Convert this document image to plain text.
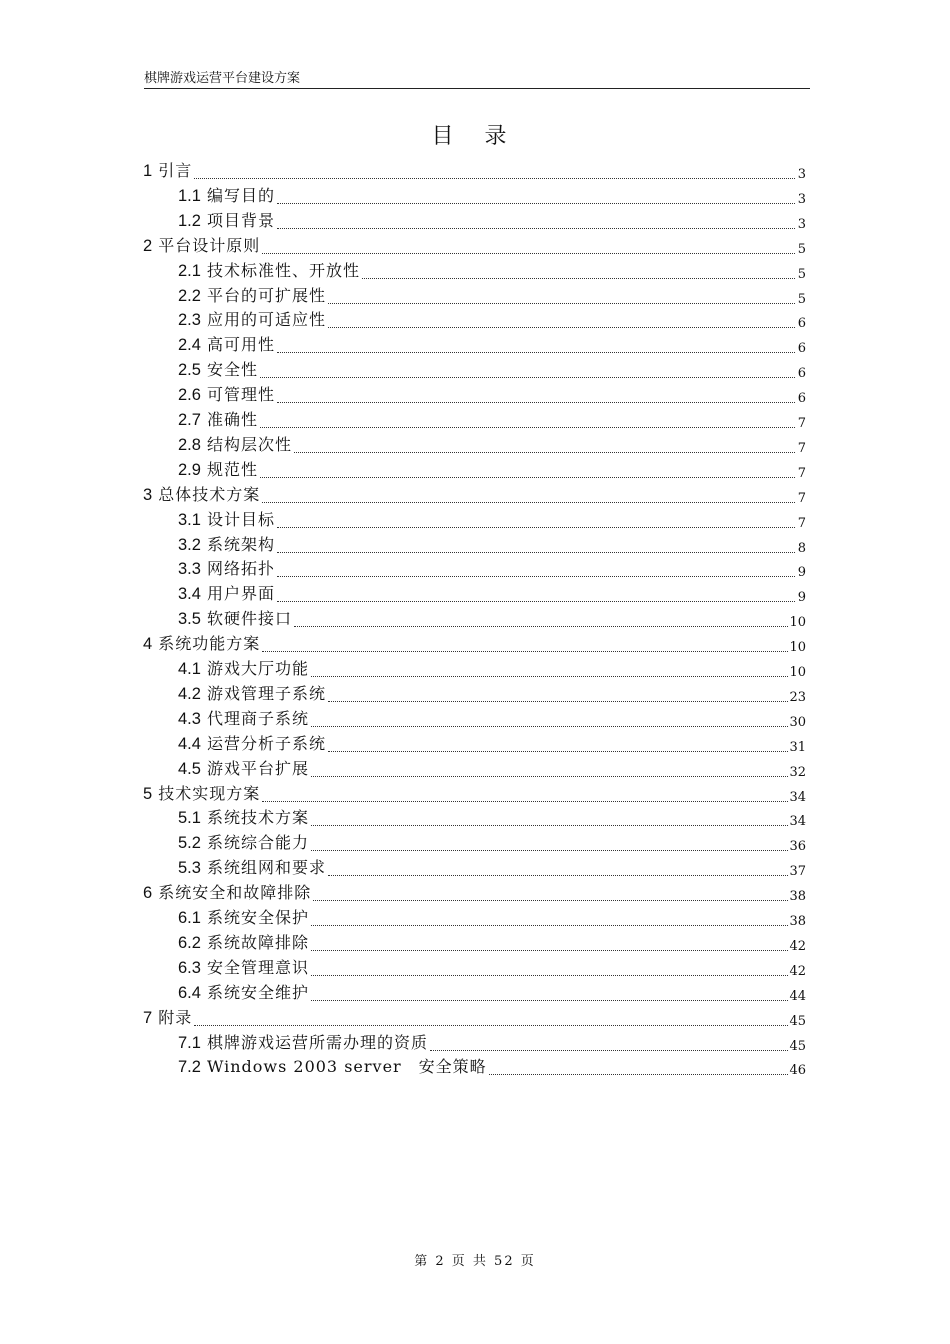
棋牌游戏运营平台建设方案
目 录
1 引言	3
1.1 编写目的	3
1.2 项目背景	3
2 平台设计原则	5
2.1 技术标准性、开放性	5
2.2 平台的可扩展性	5
2.3 应用的可适应性	6
2.4 高可用性	6
2.5 安全性	6
2.6 可管理性	6
2.7 准确性	7
2.8 结构层次性	7
2.9 规范性	7
3 总体技术方案	7
3.1 设计目标	7
3.2 系统架构	8
3.3 网络拓扑	9
3.4 用户界面	9
3.5 软硬件接口	10
4 系统功能方案	10
4.1 游戏大厅功能	10
4.2 游戏管理子系统	23
4.3 代理商子系统	30
4.4 运营分析子系统	31
4.5 游戏平台扩展	32
5 技术实现方案	34
5.1 系统技术方案	34
5.2 系统综合能力	36
5.3 系统组网和要求	37
6 系统安全和故障排除	38
6.1 系统安全保护	38
6.2 系统故障排除	42
6.3 安全管理意识	42
6.4 系统安全维护	44
7 附录	45
7.1 棋牌游戏运营所需办理的资质	45
7.2 Windows 2003 server　安全策略	46
第 2 页 共 52 页
